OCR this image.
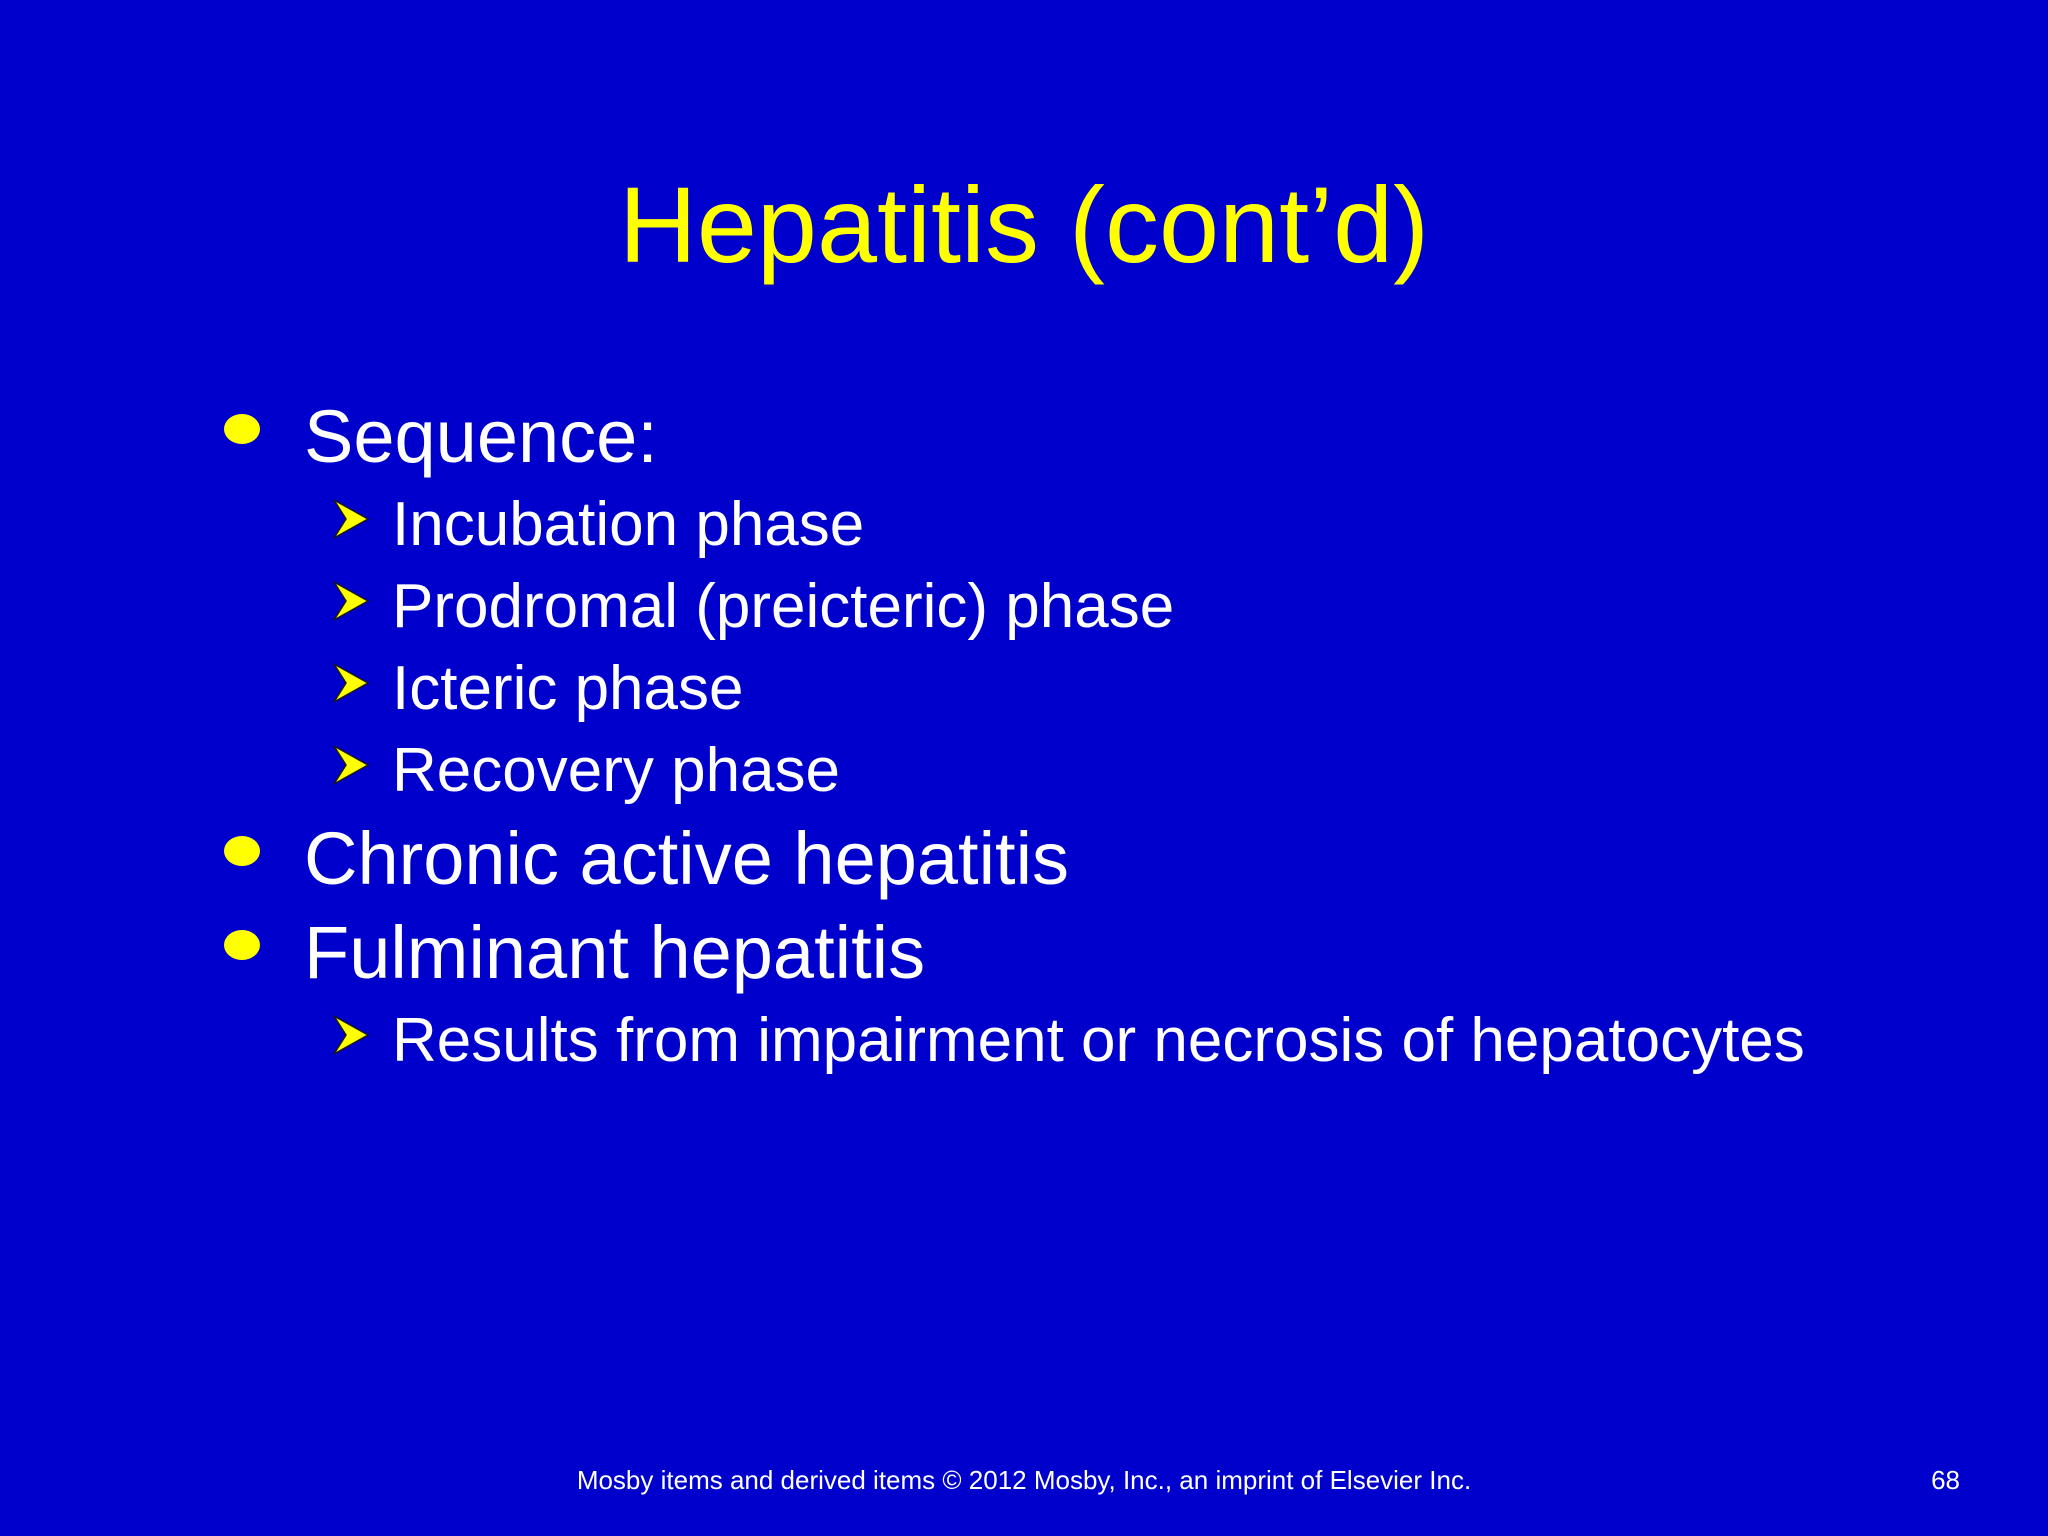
Hepatitis (cont’d)
Sequence:
Incubation phase
Prodromal (preicteric) phase
Icteric phase
Recovery phase
Chronic active hepatitis
Fulminant hepatitis
Results from impairment or necrosis of hepatocytes
Mosby items and derived items © 2012 Mosby, Inc., an imprint of Elsevier Inc.	68
